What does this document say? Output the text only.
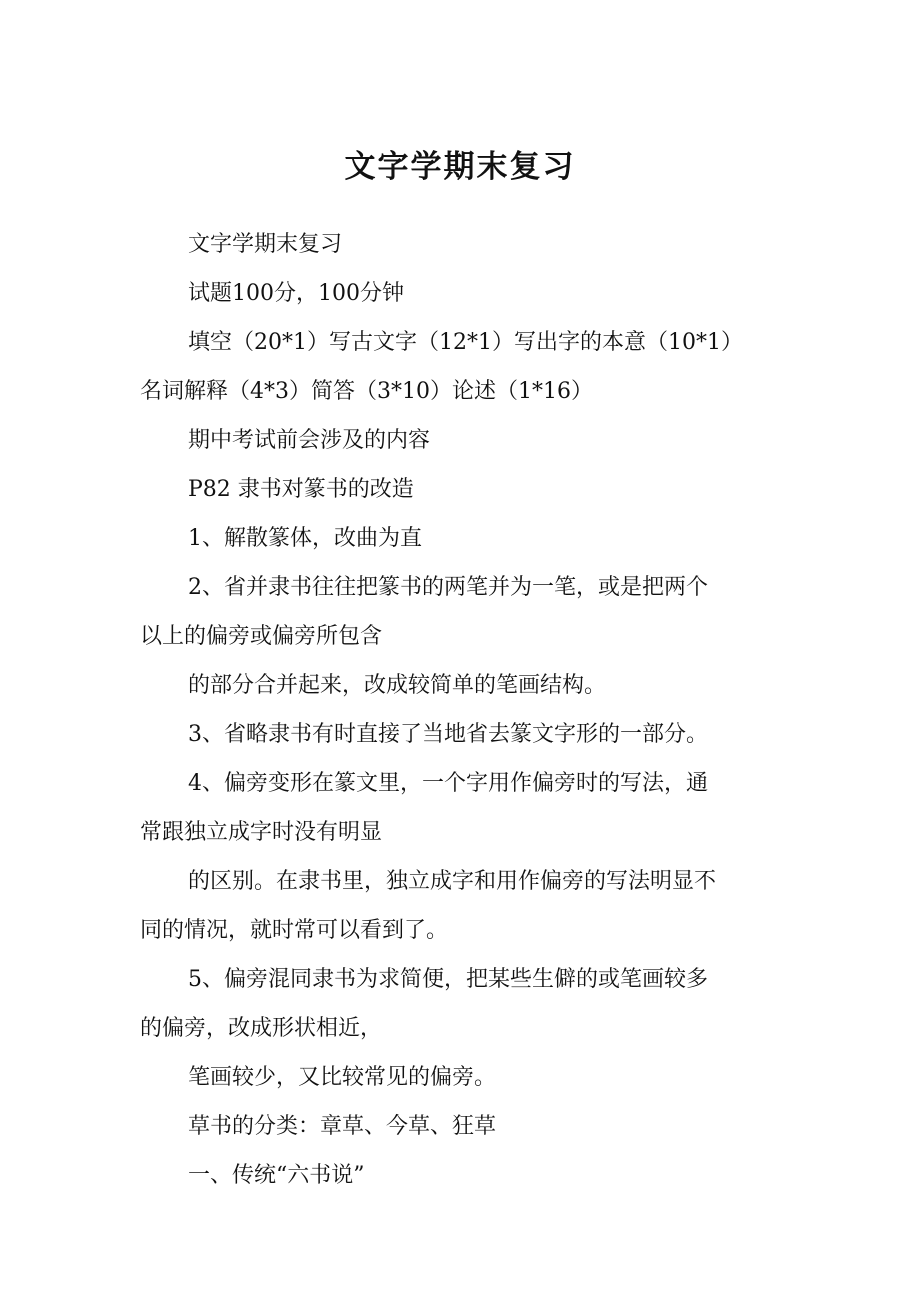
文字学期末复习

文字学期末复习

试题100分，100分钟

填空（20*1）写古文字（12*1）写出字的本意（10*1）
名词解释（4*3）简答（3*10）论述（1*16）

期中考试前会涉及的内容

P82 隶书对篆书的改造

1、解散篆体，改曲为直

2、省并隶书往往把篆书的两笔并为一笔，或是把两个
以上的偏旁或偏旁所包含

的部分合并起来，改成较简单的笔画结构。

3、省略隶书有时直接了当地省去篆文字形的一部分。

4、偏旁变形在篆文里，一个字用作偏旁时的写法，通
常跟独立成字时没有明显

的区别。在隶书里，独立成字和用作偏旁的写法明显不
同的情况，就时常可以看到了。

5、偏旁混同隶书为求简便，把某些生僻的或笔画较多
的偏旁，改成形状相近，

笔画较少，又比较常见的偏旁。

草书的分类：章草、今草、狂草

一、传统“六书说”
